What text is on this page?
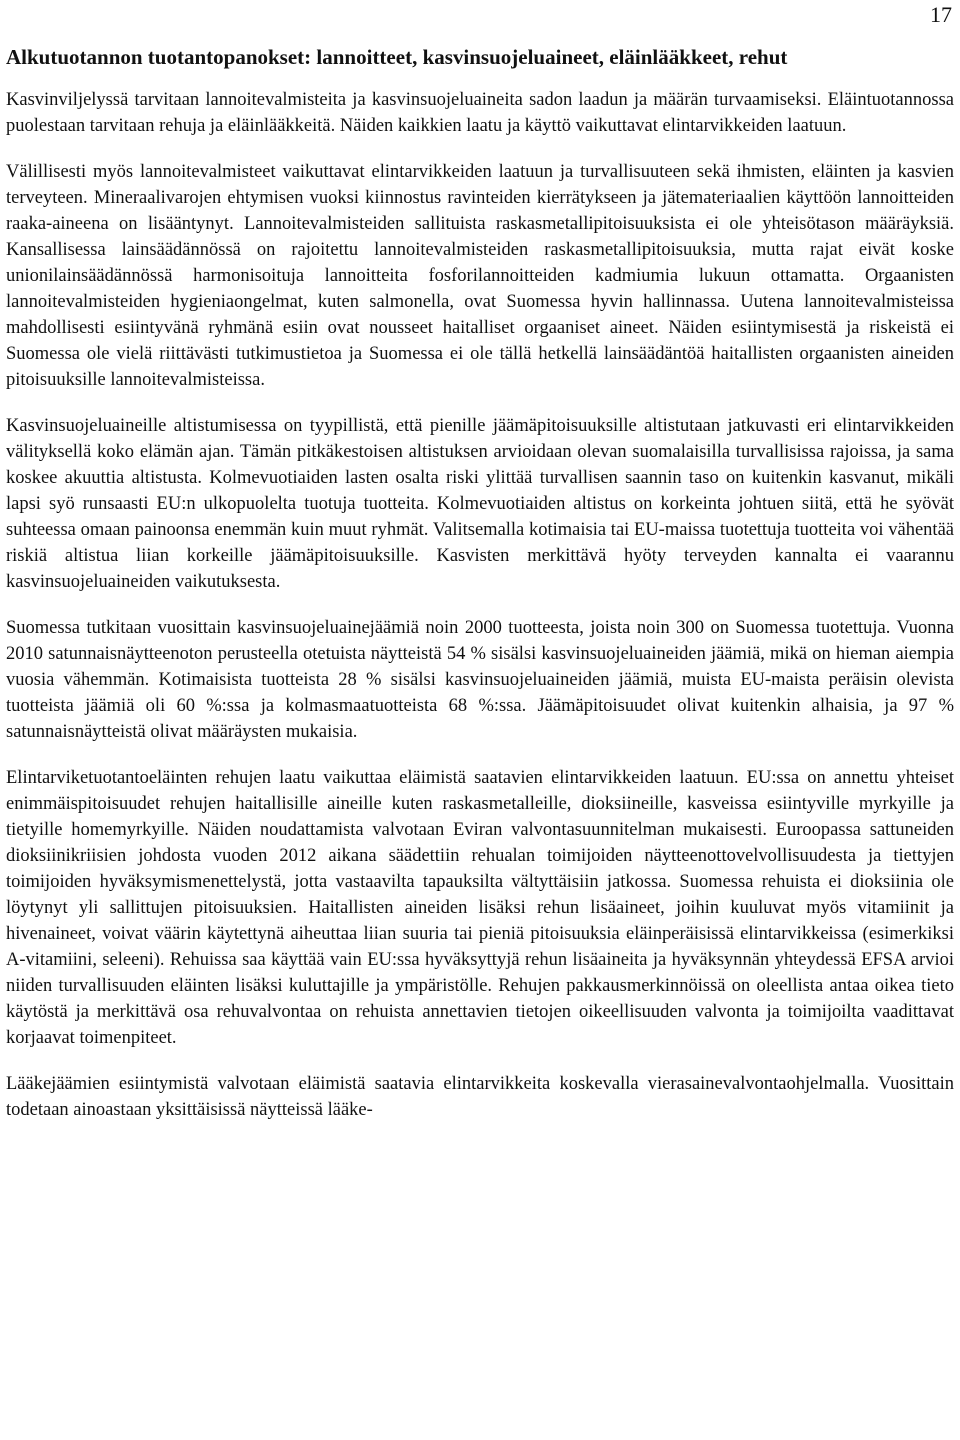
17
Alkutuotannon tuotantopanokset: lannoitteet, kasvinsuojeluaineet, eläinlääkkeet, rehut

Kasvinviljelyssä tarvitaan lannoitevalmisteita ja kasvinsuojeluaineita sadon laadun ja määrän turvaamiseksi. Eläintuotannossa puolestaan tarvitaan rehuja ja eläinlääkkeitä. Näiden kaikkien laatu ja käyttö vaikuttavat elintarvikkeiden laatuun.

Välillisesti myös lannoitevalmisteet vaikuttavat elintarvikkeiden laatuun ja turvallisuuteen sekä ihmisten, eläinten ja kasvien terveyteen. Mineraalivarojen ehtymisen vuoksi kiinnostus ravinteiden kierrätykseen ja jätemateriaalien käyttöön lannoitteiden raaka-aineena on lisääntynyt. Lannoitevalmisteiden sallituista raskasmetallipitoisuuksista ei ole yhteisötason määräyksiä. Kansallisessa lainsäädännössä on rajoitettu lannoitevalmisteiden raskasmetallipitoisuuksia, mutta rajat eivät koske unionilainsäädännössä harmonisoituja lannoitteita fosforilannoitteiden kadmiumia lukuun ottamatta. Orgaanisten lannoitevalmisteiden hygieniaongelmat, kuten salmonella, ovat Suomessa hyvin hallinnassa. Uutena lannoitevalmisteissa mahdollisesti esiintyvänä ryhmänä esiin ovat nousseet haitalliset orgaaniset aineet. Näiden esiintymisestä ja riskeistä ei Suomessa ole vielä riittävästi tutkimustietoa ja Suomessa ei ole tällä hetkellä lainsäädäntöä haitallisten orgaanisten aineiden pitoisuuksille lannoitevalmisteissa.

Kasvinsuojeluaineille altistumisessa on tyypillistä, että pienille jäämäpitoisuuksille altistutaan jatkuvasti eri elintarvikkeiden välityksellä koko elämän ajan. Tämän pitkäkestoisen altistuksen arvioidaan olevan suomalaisilla turvallisissa rajoissa, ja sama koskee akuuttia altistusta. Kolmevuotiaiden lasten osalta riski ylittää turvallisen saannin taso on kuitenkin kasvanut, mikäli lapsi syö runsaasti EU:n ulkopuolelta tuotuja tuotteita. Kolmevuotiaiden altistus on korkeinta johtuen siitä, että he syövät suhteessa omaan painoonsa enemmän kuin muut ryhmät. Valitsemalla kotimaisia tai EU-maissa tuotettuja tuotteita voi vähentää riskiä altistua liian korkeille jäämäpitoisuuksille. Kasvisten merkittävä hyöty terveyden kannalta ei vaarannu kasvinsuojeluaineiden vaikutuksesta.

Suomessa tutkitaan vuosittain kasvinsuojeluainejäämiä noin 2000 tuotteesta, joista noin 300 on Suomessa tuotettuja. Vuonna 2010 satunnaisnäytteenoton perusteella otetuista näytteistä 54 % sisälsi kasvinsuojeluaineiden jäämiä, mikä on hieman aiempia vuosia vähemmän. Kotimaisista tuotteista 28 % sisälsi kasvinsuojeluaineiden jäämiä, muista EU-maista peräisin olevista tuotteista jäämiä oli 60 %:ssa ja kolmasmaatuotteista 68 %:ssa. Jäämäpitoisuudet olivat kuitenkin alhaisia, ja 97 % satunnaisnäytteistä olivat määräysten mukaisia.

Elintarviketuotantoeläinten rehujen laatu vaikuttaa eläimistä saatavien elintarvikkeiden laatuun. EU:ssa on annettu yhteiset enimmäispitoisuudet rehujen haitallisille aineille kuten raskasmetalleille, dioksiineille, kasveissa esiintyville myrkyille ja tietyille homemyrkyille. Näiden noudattamista valvotaan Eviran valvontasuunnitelman mukaisesti. Euroopassa sattuneiden dioksiinikriisien johdosta vuoden 2012 aikana säädettiin rehualan toimijoiden näytteenottovelvollisuudesta ja tiettyjen toimijoiden hyväksymismenettelystä, jotta vastaavilta tapauksilta vältyttäisiin jatkossa. Suomessa rehuista ei dioksiinia ole löytynyt yli sallittujen pitoisuuksien. Haitallisten aineiden lisäksi rehun lisäaineet, joihin kuuluvat myös vitamiinit ja hivenaineet, voivat väärin käytettynä aiheuttaa liian suuria tai pieniä pitoisuuksia eläinperäisissä elintarvikkeissa (esimerkiksi A-vitamiini, seleeni). Rehuissa saa käyttää vain EU:ssa hyväksyttyjä rehun lisäaineita ja hyväksynnän yhteydessä EFSA arvioi niiden turvallisuuden eläinten lisäksi kuluttajille ja ympäristölle. Rehujen pakkausmerkinnöissä on oleellista antaa oikea tieto käytöstä ja merkittävä osa rehuvalvontaa on rehuista annettavien tietojen oikeellisuuden valvonta ja toimijoilta vaadittavat korjaavat toimenpiteet.

Lääkejäämien esiintymistä valvotaan eläimistä saatavia elintarvikkeita koskevalla vierasainevalvontaohjelmalla. Vuosittain todetaan ainoastaan yksittäisissä näytteissä lääke-
